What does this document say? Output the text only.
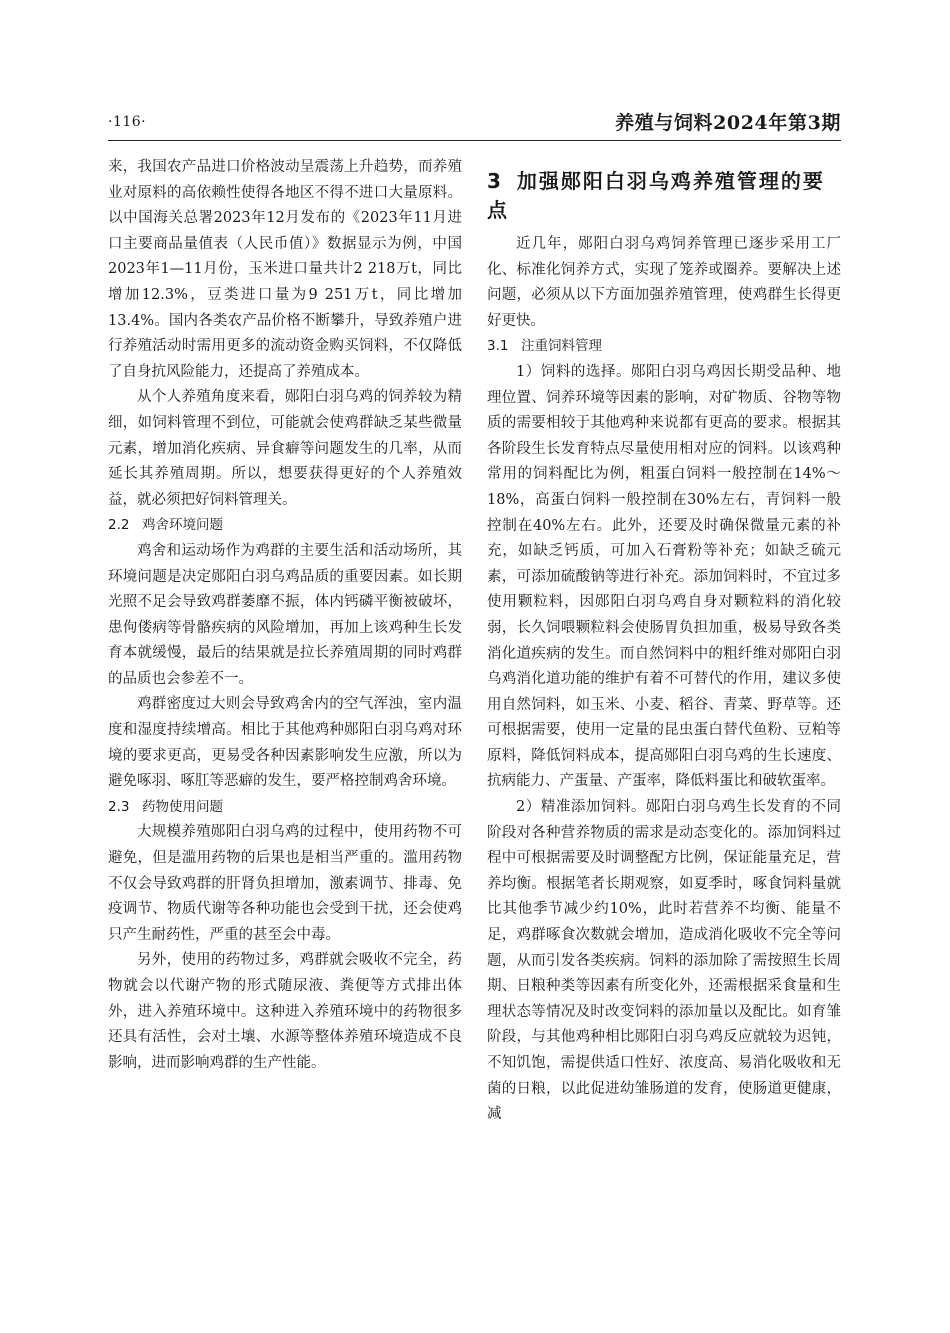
·116·	养殖与饲料2024年第3期

来，我国农产品进口价格波动呈震荡上升趋势，而养殖业对原料的高依赖性使得各地区不得不进口大量原料。以中国海关总署2023年12月发布的《2023年11月进口主要商品量值表（人民币值）》数据显示为例，中国2023年1—11月份，玉米进口量共计2 218万t，同比增加12.3%，豆类进口量为9 251万t，同比增加13.4%。国内各类农产品价格不断攀升，导致养殖户进行养殖活动时需用更多的流动资金购买饲料，不仅降低了自身抗风险能力，还提高了养殖成本。

从个人养殖角度来看，郧阳白羽乌鸡的饲养较为精细，如饲料管理不到位，可能就会使鸡群缺乏某些微量元素，增加消化疾病、异食癖等问题发生的几率，从而延长其养殖周期。所以，想要获得更好的个人养殖效益，就必须把好饲料管理关。

2.2 鸡舍环境问题

鸡舍和运动场作为鸡群的主要生活和活动场所，其环境问题是决定郧阳白羽乌鸡品质的重要因素。如长期光照不足会导致鸡群萎靡不振，体内钙磷平衡被破坏，患佝偻病等骨骼疾病的风险增加，再加上该鸡种生长发育本就缓慢，最后的结果就是拉长养殖周期的同时鸡群的品质也会参差不一。

鸡群密度过大则会导致鸡舍内的空气浑浊，室内温度和湿度持续增高。相比于其他鸡种郧阳白羽乌鸡对环境的要求更高，更易受各种因素影响发生应激，所以为避免啄羽、啄肛等恶癖的发生，要严格控制鸡舍环境。

2.3 药物使用问题

大规模养殖郧阳白羽乌鸡的过程中，使用药物不可避免，但是滥用药物的后果也是相当严重的。滥用药物不仅会导致鸡群的肝肾负担增加，激素调节、排毒、免疫调节、物质代谢等各种功能也会受到干扰，还会使鸡只产生耐药性，严重的甚至会中毒。

另外，使用的药物过多，鸡群就会吸收不完全，药物就会以代谢产物的形式随尿液、粪便等方式排出体外，进入养殖环境中。这种进入养殖环境中的药物很多还具有活性，会对土壤、水源等整体养殖环境造成不良影响，进而影响鸡群的生产性能。

3 加强郧阳白羽乌鸡养殖管理的要点

近几年，郧阳白羽乌鸡饲养管理已逐步采用工厂化、标准化饲养方式，实现了笼养或圈养。要解决上述问题，必须从以下方面加强养殖管理，使鸡群生长得更好更快。

3.1 注重饲料管理

1）饲料的选择。郧阳白羽乌鸡因长期受品种、地理位置、饲养环境等因素的影响，对矿物质、谷物等物质的需要相较于其他鸡种来说都有更高的要求。根据其各阶段生长发育特点尽量使用相对应的饲料。以该鸡种常用的饲料配比为例，粗蛋白饲料一般控制在14%～18%，高蛋白饲料一般控制在30%左右，青饲料一般控制在40%左右。此外，还要及时确保微量元素的补充，如缺乏钙质，可加入石膏粉等补充；如缺乏硫元素，可添加硫酸钠等进行补充。添加饲料时，不宜过多使用颗粒料，因郧阳白羽乌鸡自身对颗粒料的消化较弱，长久饲喂颗粒料会使肠胃负担加重，极易导致各类消化道疾病的发生。而自然饲料中的粗纤维对郧阳白羽乌鸡消化道功能的维护有着不可替代的作用，建议多使用自然饲料，如玉米、小麦、稻谷、青菜、野草等。还可根据需要，使用一定量的昆虫蛋白替代鱼粉、豆粕等原料，降低饲料成本，提高郧阳白羽乌鸡的生长速度、抗病能力、产蛋量、产蛋率，降低料蛋比和破软蛋率。

2）精准添加饲料。郧阳白羽乌鸡生长发育的不同阶段对各种营养物质的需求是动态变化的。添加饲料过程中可根据需要及时调整配方比例，保证能量充足，营养均衡。根据笔者长期观察，如夏季时，啄食饲料量就比其他季节减少约10%，此时若营养不均衡、能量不足，鸡群啄食次数就会增加，造成消化吸收不完全等问题，从而引发各类疾病。饲料的添加除了需按照生长周期、日粮种类等因素有所变化外，还需根据采食量和生理状态等情况及时改变饲料的添加量以及配比。如育雏阶段，与其他鸡种相比郧阳白羽乌鸡反应就较为迟钝，不知饥饱，需提供适口性好、浓度高、易消化吸收和无菌的日粮，以此促进幼雏肠道的发育，使肠道更健康，减
